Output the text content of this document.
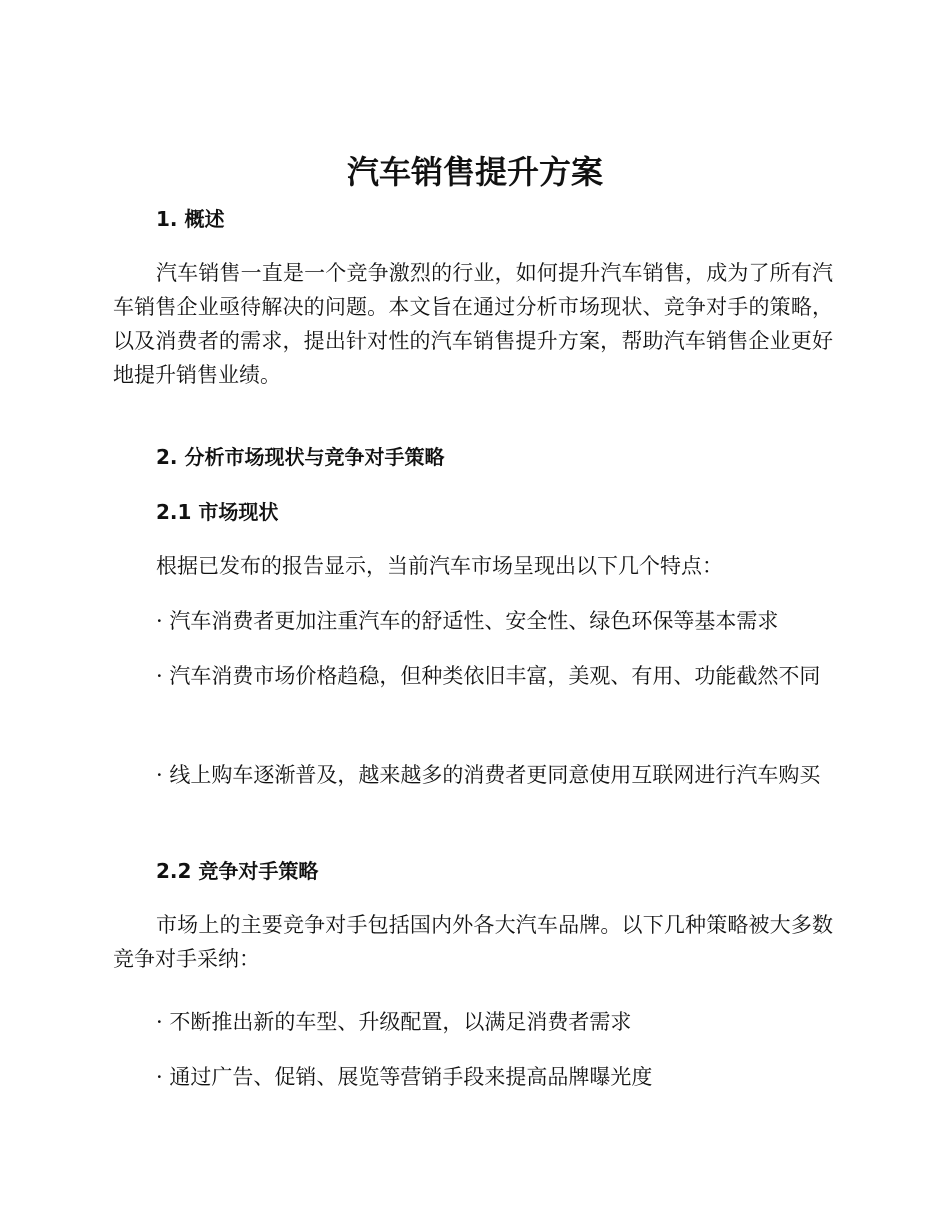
汽车销售提升方案
1. 概述

汽车销售一直是一个竞争激烈的行业，如何提升汽车销售，成为了所有汽车销售企业亟待解决的问题。本文旨在通过分析市场现状、竞争对手的策略，以及消费者的需求，提出针对性的汽车销售提升方案，帮助汽车销售企业更好地提升销售业绩。

2. 分析市场现状与竞争对手策略
2.1 市场现状

根据已发布的报告显示，当前汽车市场呈现出以下几个特点：

· 汽车消费者更加注重汽车的舒适性、安全性、绿色环保等基本需求

· 汽车消费市场价格趋稳，但种类依旧丰富，美观、有用、功能截然不同

· 线上购车逐渐普及，越来越多的消费者更同意使用互联网进行汽车购买

2.2 竞争对手策略

市场上的主要竞争对手包括国内外各大汽车品牌。以下几种策略被大多数竞争对手采纳：

· 不断推出新的车型、升级配置，以满足消费者需求

· 通过广告、促销、展览等营销手段来提高品牌曝光度
